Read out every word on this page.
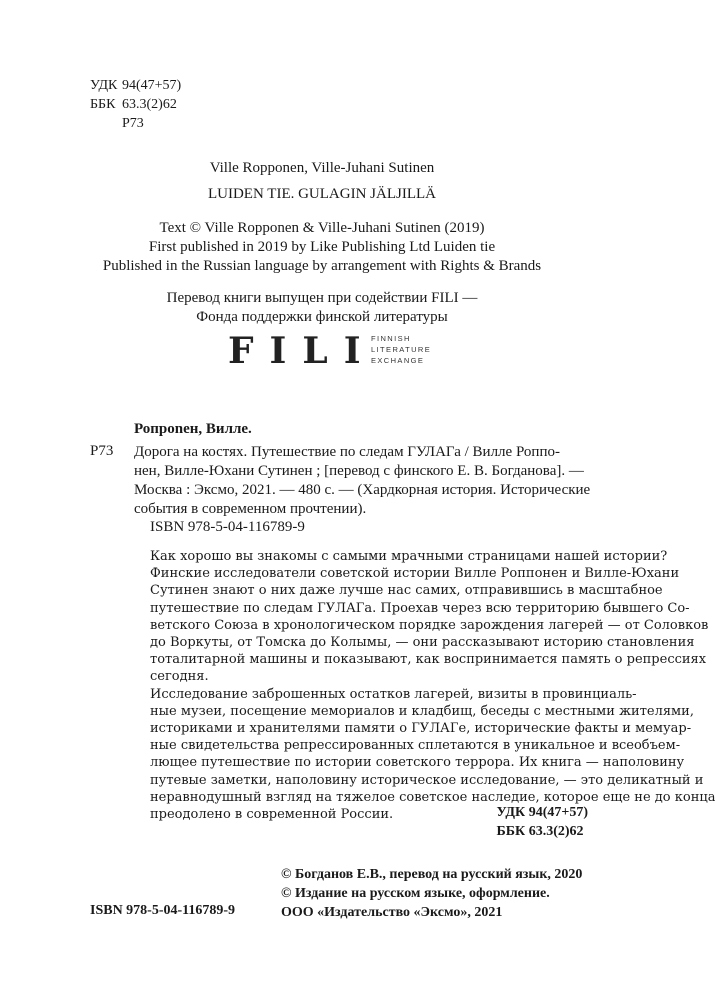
УДК 94(47+57)
ББК 63.3(2)62
Р73
Ville Ropponen, Ville-Juhani Sutinen
LUIDEN TIE. GULAGIN JÄLJILLÄ
Text © Ville Ropponen & Ville-Juhani Sutinen (2019)
First published in 2019 by Like Publishing Ltd Luiden tie
Published in the Russian language by arrangement with Rights & Brands
Перевод книги выпущен при содействии FILI —
Фонда поддержки финской литературы
FILI
FINNISH
LITERATURE
EXCHANGE
Ропponен, Вилле.
Р73 Дорога на костях. Путешествие по следам ГУЛАГа / Вилле Роппо-
нен, Вилле-Юхани Сутинен ; [перевод с финского Е. В. Богданова]. —
Москва : Эксмо, 2021. — 480 с. — (Хардкорная история. Исторические
события в современном прочтении).
ISBN 978-5-04-116789-9
Как хорошо вы знакомы с самыми мрачными страницами нашей истории?
Финские исследователи советской истории Вилле Роппонен и Вилле-Юхани
Сутинен знают о них даже лучше нас самих, отправившись в масштабное
путешествие по следам ГУЛАГа. Проехав через всю территорию бывшего Со-
ветского Союза в хронологическом порядке зарождения лагерей — от Соловков
до Воркуты, от Томска до Колымы, — они рассказывают историю становления
тоталитарной машины и показывают, как воспринимается память о репрессиях
сегодня.
Исследование заброшенных остатков лагерей, визиты в провинциаль-
ные музеи, посещение мемориалов и кладбищ, беседы с местными жителями,
историками и хранителями памяти о ГУЛАГе, исторические факты и мемуар-
ные свидетельства репрессированных сплетаются в уникальное и всеобъем-
лющее путешествие по истории советского террора. Их книга — наполовину
путевые заметки, наполовину историческое исследование, — это деликатный и
неравнодушный взгляд на тяжелое советское наследие, которое еще не до конца
преодолено в современной России.	УДК 94(47+57)
ББК 63.3(2)62
© Богданов Е.В., перевод на русский язык, 2020
© Издание на русском языке, оформление.
ООО «Издательство «Эксмо», 2021
ISBN 978-5-04-116789-9
